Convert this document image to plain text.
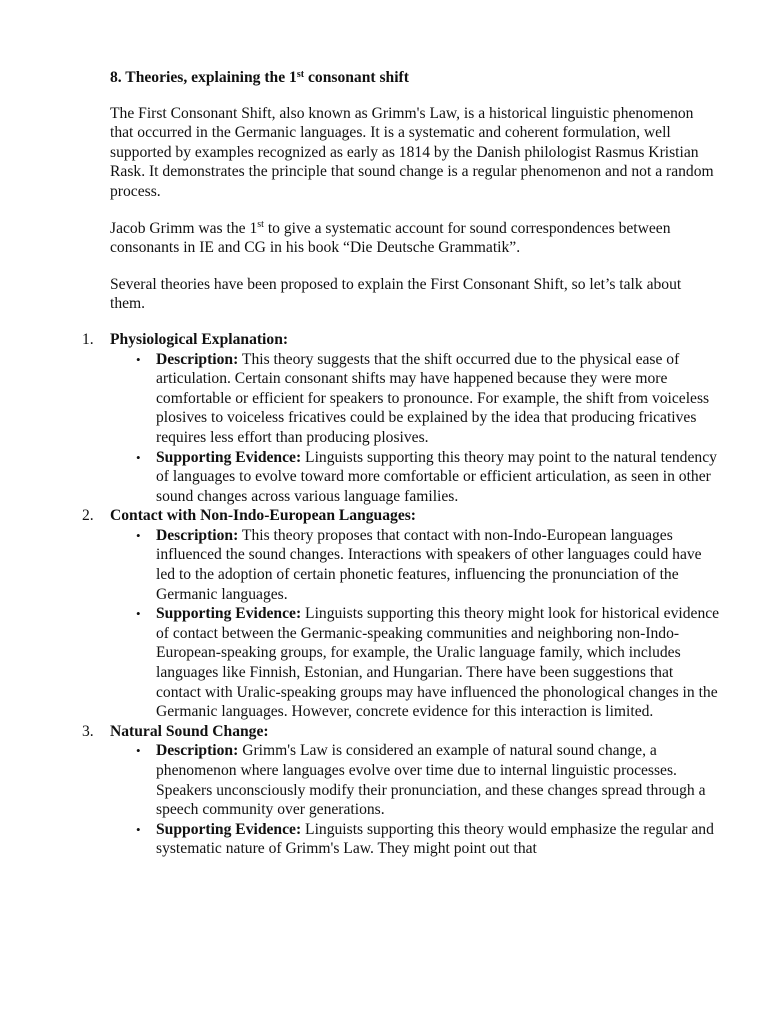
8. Theories, explaining the 1st consonant shift

The First Consonant Shift, also known as Grimm's Law, is a historical linguistic phenomenon that occurred in the Germanic languages. It is a systematic and coherent formulation, well supported by examples recognized as early as 1814 by the Danish philologist Rasmus Kristian Rask. It demonstrates the principle that sound change is a regular phenomenon and not a random process.

Jacob Grimm was the 1st to give a systematic account for sound correspondences between consonants in IE and CG in his book “Die Deutsche Grammatik”.

Several theories have been proposed to explain the First Consonant Shift, so let’s talk about them.

1.	Physiological Explanation:
• Description: This theory suggests that the shift occurred due to the physical ease of articulation. Certain consonant shifts may have happened because they were more comfortable or efficient for speakers to pronounce. For example, the shift from voiceless plosives to voiceless fricatives could be explained by the idea that producing fricatives requires less effort than producing plosives.
• Supporting Evidence: Linguists supporting this theory may point to the natural tendency of languages to evolve toward more comfortable or efficient articulation, as seen in other sound changes across various language families.
2.	Contact with Non-Indo-European Languages:
• Description: This theory proposes that contact with non-Indo-European languages influenced the sound changes. Interactions with speakers of other languages could have led to the adoption of certain phonetic features, influencing the pronunciation of the Germanic languages.
• Supporting Evidence: Linguists supporting this theory might look for historical evidence of contact between the Germanic-speaking communities and neighboring non-Indo-European-speaking groups, for example, the Uralic language family, which includes languages like Finnish, Estonian, and Hungarian. There have been suggestions that contact with Uralic-speaking groups may have influenced the phonological changes in the Germanic languages. However, concrete evidence for this interaction is limited.
3.	Natural Sound Change:
• Description: Grimm's Law is considered an example of natural sound change, a phenomenon where languages evolve over time due to internal linguistic processes. Speakers unconsciously modify their pronunciation, and these changes spread through a speech community over generations.
• Supporting Evidence: Linguists supporting this theory would emphasize the regular and systematic nature of Grimm's Law. They might point out that
